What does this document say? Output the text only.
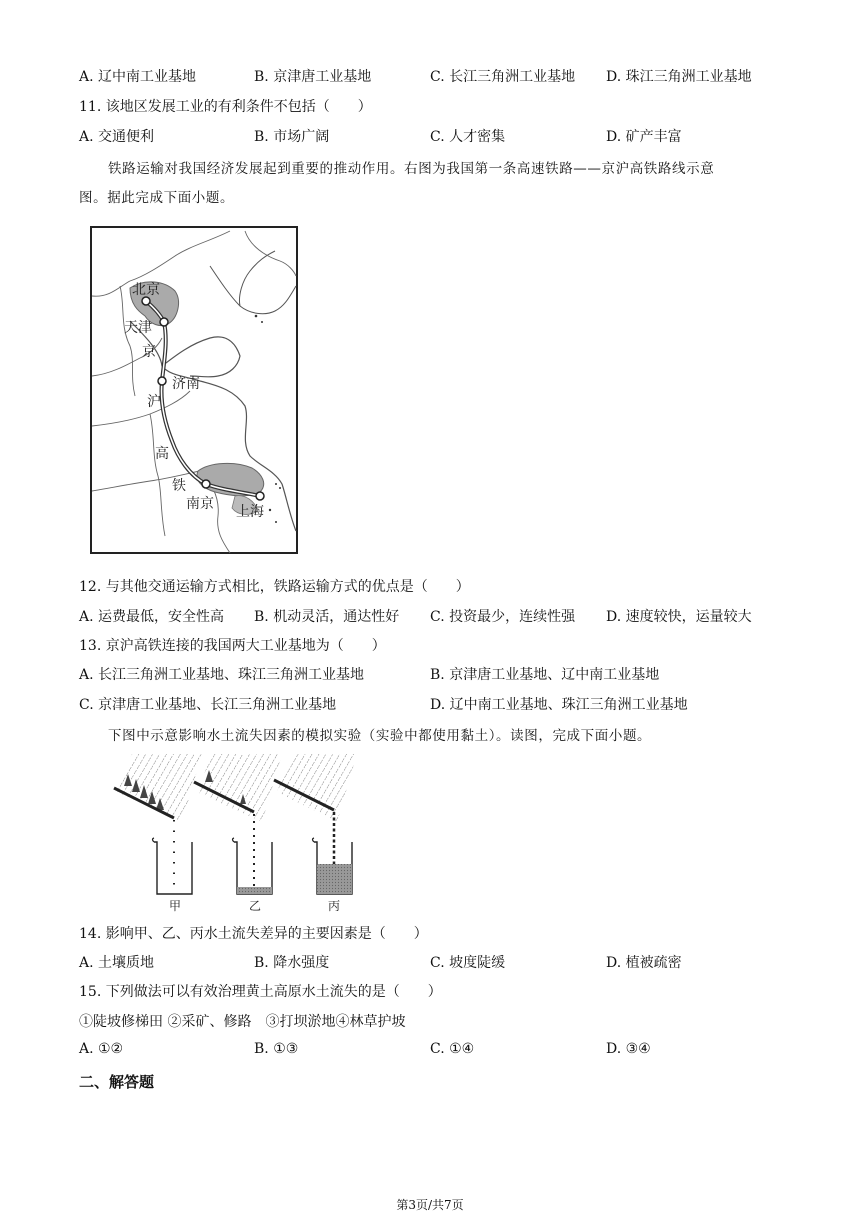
A. 辽中南工业基地	B. 京津唐工业基地	C. 长江三角洲工业基地 D. 珠江三角洲工业基地
11. 该地区发展工业的有利条件不包括（　　）
A. 交通便利	B. 市场广阔	C. 人才密集	D. 矿产丰富
铁路运输对我国经济发展起到重要的推动作用。右图为我国第一条高速铁路——京沪高铁路线示意
图。据此完成下面小题。
北京
天津
济南
南京 上海
京
沪
高
铁
12. 与其他交通运输方式相比，铁路运输方式的优点是（　　）
A. 运费最低，安全性高 B. 机动灵活，通达性好 C. 投资最少，连续性强 D. 速度较快，运量较大
13. 京沪高铁连接的我国两大工业基地为（　　）
A. 长江三角洲工业基地、珠江三角洲工业基地	B. 京津唐工业基地、辽中南工业基地
C. 京津唐工业基地、长江三角洲工业基地	D. 辽中南工业基地、珠江三角洲工业基地
下图中示意影响水土流失因素的模拟实验（实验中都使用黏土）。读图，完成下面小题。
甲	乙	丙
14. 影响甲、乙、丙水土流失差异的主要因素是（　　）
A. 土壤质地	B. 降水强度	C. 坡度陡缓	D. 植被疏密
15. 下列做法可以有效治理黄土高原水土流失的是（　　）
①陡坡修梯田 ②采矿、修路　③打坝淤地④林草护坡
A. ①②	B. ①③	C. ①④	D. ③④
二、解答题
第3页/共7页
